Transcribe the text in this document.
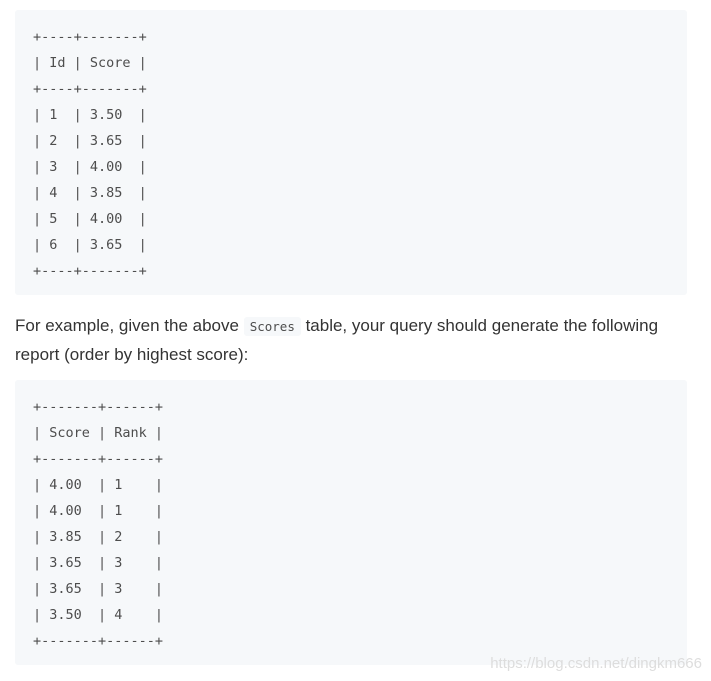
+----+-------+
| Id | Score |
+----+-------+
| 1  | 3.50  |
| 2  | 3.65  |
| 3  | 4.00  |
| 4  | 3.85  |
| 5  | 4.00  |
| 6  | 3.65  |
+----+-------+

For example, given the above Scores table, your query should generate the following report (order by highest score):

+-------+------+
| Score | Rank |
+-------+------+
| 4.00  | 1    |
| 4.00  | 1    |
| 3.85  | 2    |
| 3.65  | 3    |
| 3.65  | 3    |
| 3.50  | 4    |
+-------+------+
https://blog.csdn.net/dingkm666
